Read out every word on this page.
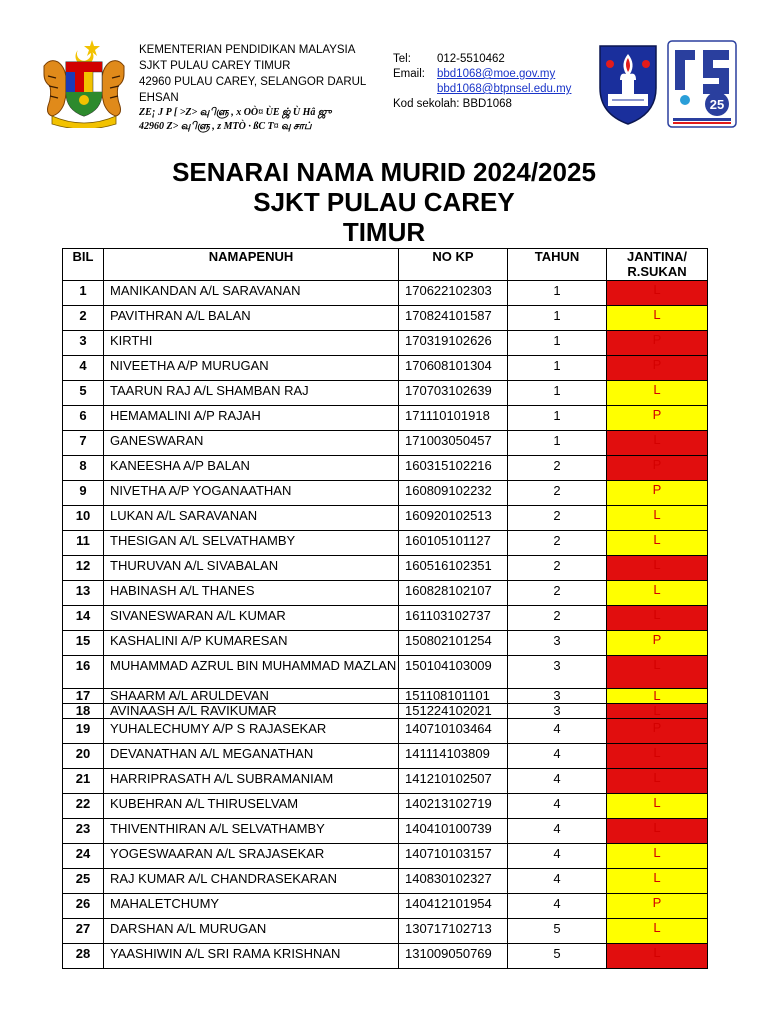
KEMENTERIAN PENDIDIKAN MALAYSIA
SJKT PULAU CAREY TIMUR
42960 PULAU CAREY, SELANGOR DARUL EHSAN
ZE¡ J P [ >Z> வுிளு , x OÒ¤ ÙE ஜ் Ù Hâ ஜு
42960 Z> வுிளு , z MTÒ · ßC T¤ வு சாப்
Tel:	012-5510462
Email:	bbd1068@moe.gov.my
bbd1068@btpnsel.edu.my
Kod sekolah: BBD1068	25
SENARAI NAMA MURID 2024/2025
SJKT PULAU CAREY
TIMUR
BIL	NAMAPENUH	NO KP	TAHUN	JANTINA/
R.SUKAN

1	MANIKANDAN A/L SARAVANAN	170622102303	1	L
2	PAVITHRAN A/L BALAN	170824101587	1	L
3	KIRTHI	170319102626	1	P
4	NIVEETHA A/P MURUGAN	170608101304	1	P
5	TAARUN RAJ A/L SHAMBAN RAJ	170703102639	1	L
6	HEMAMALINI A/P RAJAH	171110101918	1	P
7	GANESWARAN	171003050457	1	L
8	KANEESHA A/P BALAN	160315102216	2	P
9	NIVETHA A/P YOGANAATHAN	160809102232	2	P
10	LUKAN A/L SARAVANAN	160920102513	2	L
11	THESIGAN A/L SELVATHAMBY	160105101127	2	L
12	THURUVAN A/L SIVABALAN	160516102351	2	L
13	HABINASH A/L THANES	160828102107	2	L
14	SIVANESWARAN A/L KUMAR	161103102737	2	L
15	KASHALINI A/P KUMARESAN	150802101254	3	P
16	MUHAMMAD AZRUL BIN MUHAMMAD MAZLAN	150104103009	3	L
17	SHAARM A/L ARULDEVAN	151108101101	3	L
18	AVINAASH A/L RAVIKUMAR	151224102021	3	L
19	YUHALECHUMY A/P S RAJASEKAR	140710103464	4	P
20	DEVANATHAN A/L MEGANATHAN	141114103809	4	L
21	HARRIPRASATH A/L SUBRAMANIAM	141210102507	4	L
22	KUBEHRAN A/L THIRUSELVAM	140213102719	4	L
23	THIVENTHIRAN A/L SELVATHAMBY	140410100739	4	L
24	YOGESWAARAN A/L SRAJASEKAR	140710103157	4	L
25	RAJ KUMAR A/L CHANDRASEKARAN	140830102327	4	L
26	MAHALETCHUMY	140412101954	4	P
27	DARSHAN A/L MURUGAN	130717102713	5	L
28	YAASHIWIN A/L SRI RAMA KRISHNAN	131009050769	5	L
